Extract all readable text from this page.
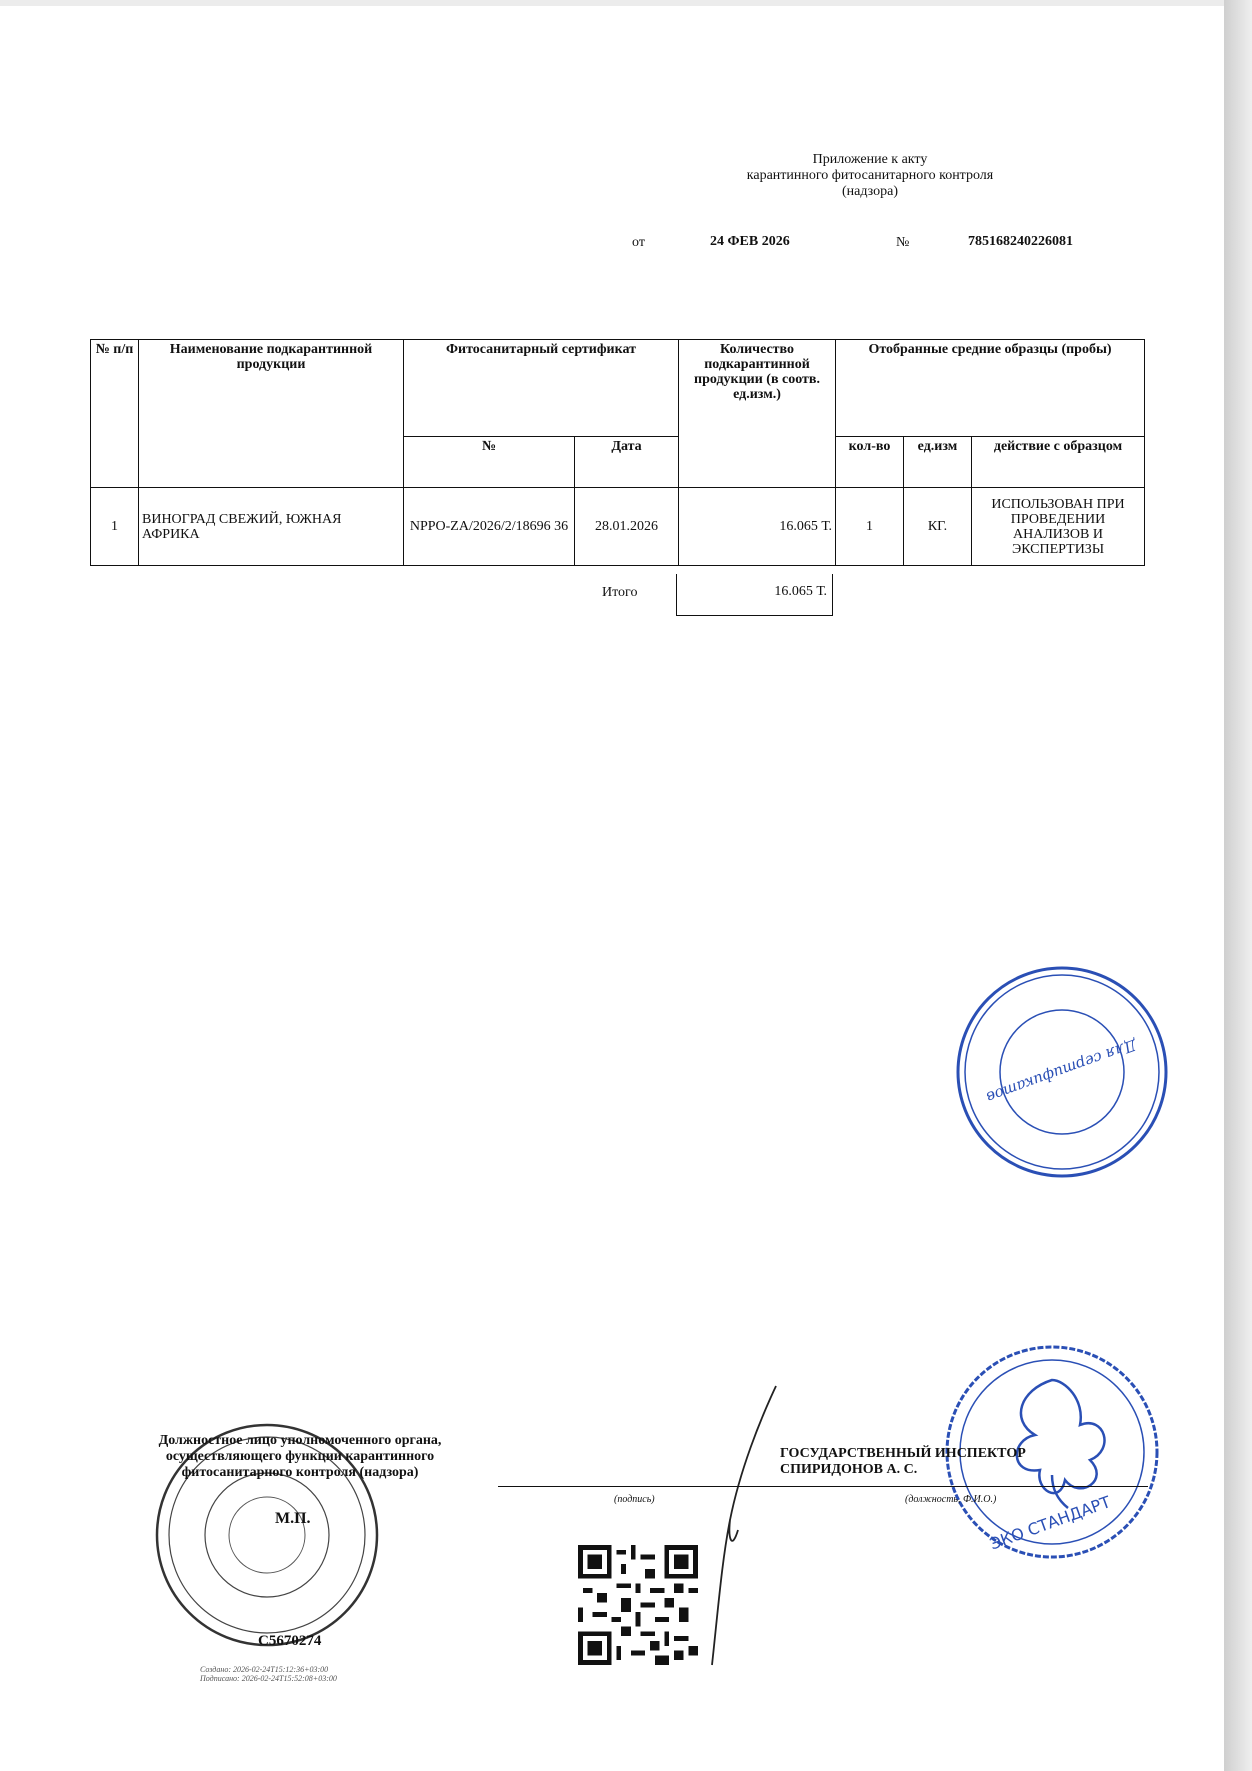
Приложение к акту
карантинного фитосанитарного контроля
(надзора)
от	24 ФЕВ 2026	№	785168240226081
№ п/п	Наименование подкарантинной продукции	Фитосанитарный сертификат		Количество подкарантинной продукции (в соотв. ед.изм.)	Отобранные средние образцы (пробы)		
		№	Дата		кол-во	ед.изм	действие с образцом
1	ВИНОГРАД СВЕЖИЙ, ЮЖНАЯ АФРИКА	NPPO-ZA/2026/2/18696 36	28.01.2026	16.065 Т.	1	КГ.	ИСПОЛЬЗОВАН ПРИ ПРОВЕДЕНИИ АНАЛИЗОВ И ЭКСПЕРТИЗЫ
Итого	16.065 Т.
Для сертификатов
ЭКО СТАНДАРТ
Должностное лицо уполномоченного органа, осуществляющего функции карантинного фитосанитарного контроля (надзора)
М.П.
С5670274
Создано: 2026-02-24T15:12:36+03:00
Подписано: 2026-02-24T15:52:08+03:00
ГОСУДАРСТВЕННЫЙ ИНСПЕКТОР
СПИРИДОНОВ А. С.
(подпись)	(должность, Ф.И.О.)
